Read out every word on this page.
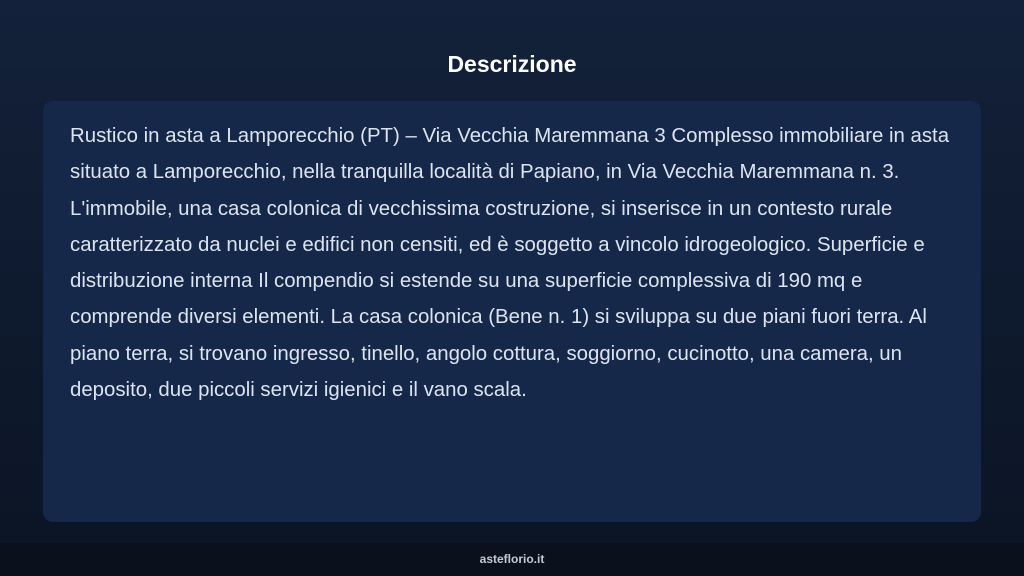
Descrizione

Rustico in asta a Lamporecchio (PT) – Via Vecchia Maremmana 3 Complesso immobiliare in asta situato a Lamporecchio, nella tranquilla località di Papiano, in Via Vecchia Maremmana n. 3. L'immobile, una casa colonica di vecchissima costruzione, si inserisce in un contesto rurale caratterizzato da nuclei e edifici non censiti, ed è soggetto a vincolo idrogeologico. Superficie e distribuzione interna Il compendio si estende su una superficie complessiva di 190 mq e comprende diversi elementi. La casa colonica (Bene n. 1) si sviluppa su due piani fuori terra. Al piano terra, si trovano ingresso, tinello, angolo cottura, soggiorno, cucinotto, una camera, un deposito, due piccoli servizi igienici e il vano scala.

asteflorio.it
